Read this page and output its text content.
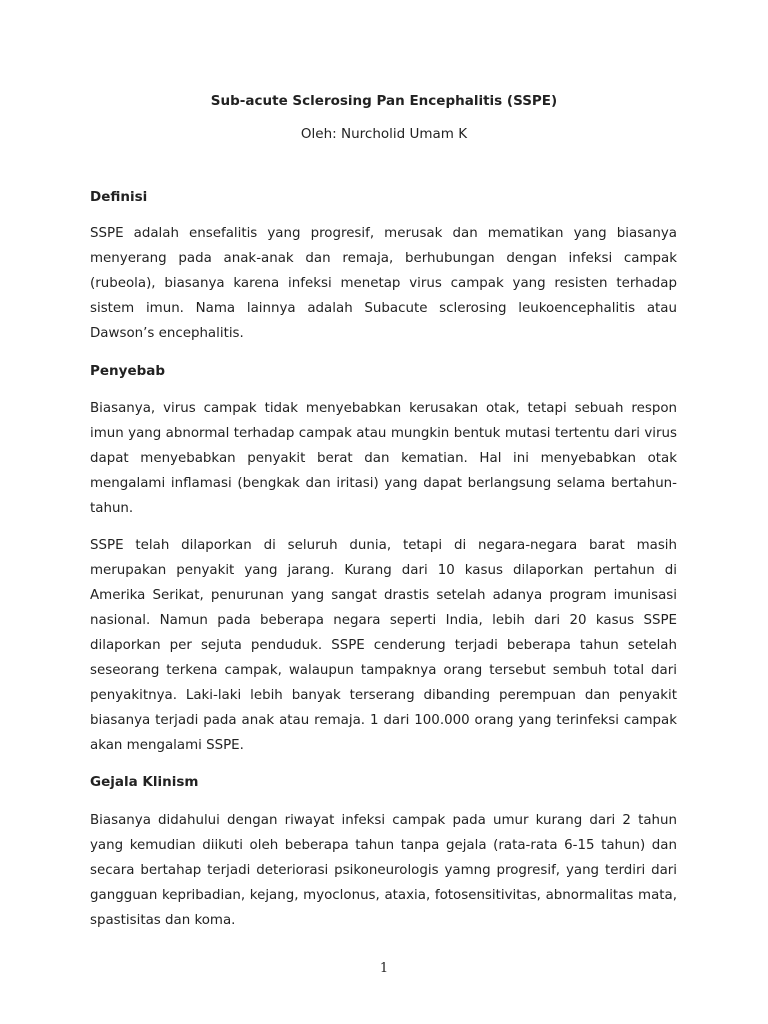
Sub-acute Sclerosing Pan Encephalitis (SSPE)
Oleh: Nurcholid Umam K
Definisi

SSPE adalah ensefalitis yang progresif, merusak dan mematikan yang biasanya menyerang pada anak-anak dan remaja, berhubungan dengan infeksi campak (rubeola), biasanya karena infeksi menetap virus campak yang resisten terhadap sistem imun. Nama lainnya adalah Subacute sclerosing leukoencephalitis atau Dawson’s encephalitis.

Penyebab

Biasanya, virus campak tidak menyebabkan kerusakan otak, tetapi sebuah respon imun yang abnormal terhadap campak atau mungkin bentuk mutasi tertentu dari virus dapat menyebabkan penyakit berat dan kematian. Hal ini menyebabkan otak mengalami inflamasi (bengkak dan iritasi) yang dapat berlangsung selama bertahun-tahun.

SSPE telah dilaporkan di seluruh dunia, tetapi di negara-negara barat masih merupakan penyakit yang jarang. Kurang dari 10 kasus dilaporkan pertahun di Amerika Serikat, penurunan yang sangat drastis setelah adanya program imunisasi nasional. Namun pada beberapa negara seperti India, lebih dari 20 kasus SSPE dilaporkan per sejuta penduduk. SSPE cenderung terjadi beberapa tahun setelah seseorang terkena campak, walaupun tampaknya orang tersebut sembuh total dari penyakitnya. Laki-laki lebih banyak terserang dibanding perempuan dan penyakit biasanya terjadi pada anak atau remaja. 1 dari 100.000 orang yang terinfeksi campak akan mengalami SSPE.

Gejala Klinism

Biasanya didahului dengan riwayat infeksi campak pada umur kurang dari 2 tahun yang kemudian diikuti oleh beberapa tahun tanpa gejala (rata-rata 6-15 tahun) dan secara bertahap terjadi deteriorasi psikoneurologis yamng progresif, yang terdiri dari gangguan kepribadian, kejang, myoclonus, ataxia, fotosensitivitas, abnormalitas mata, spastisitas dan koma.

1
